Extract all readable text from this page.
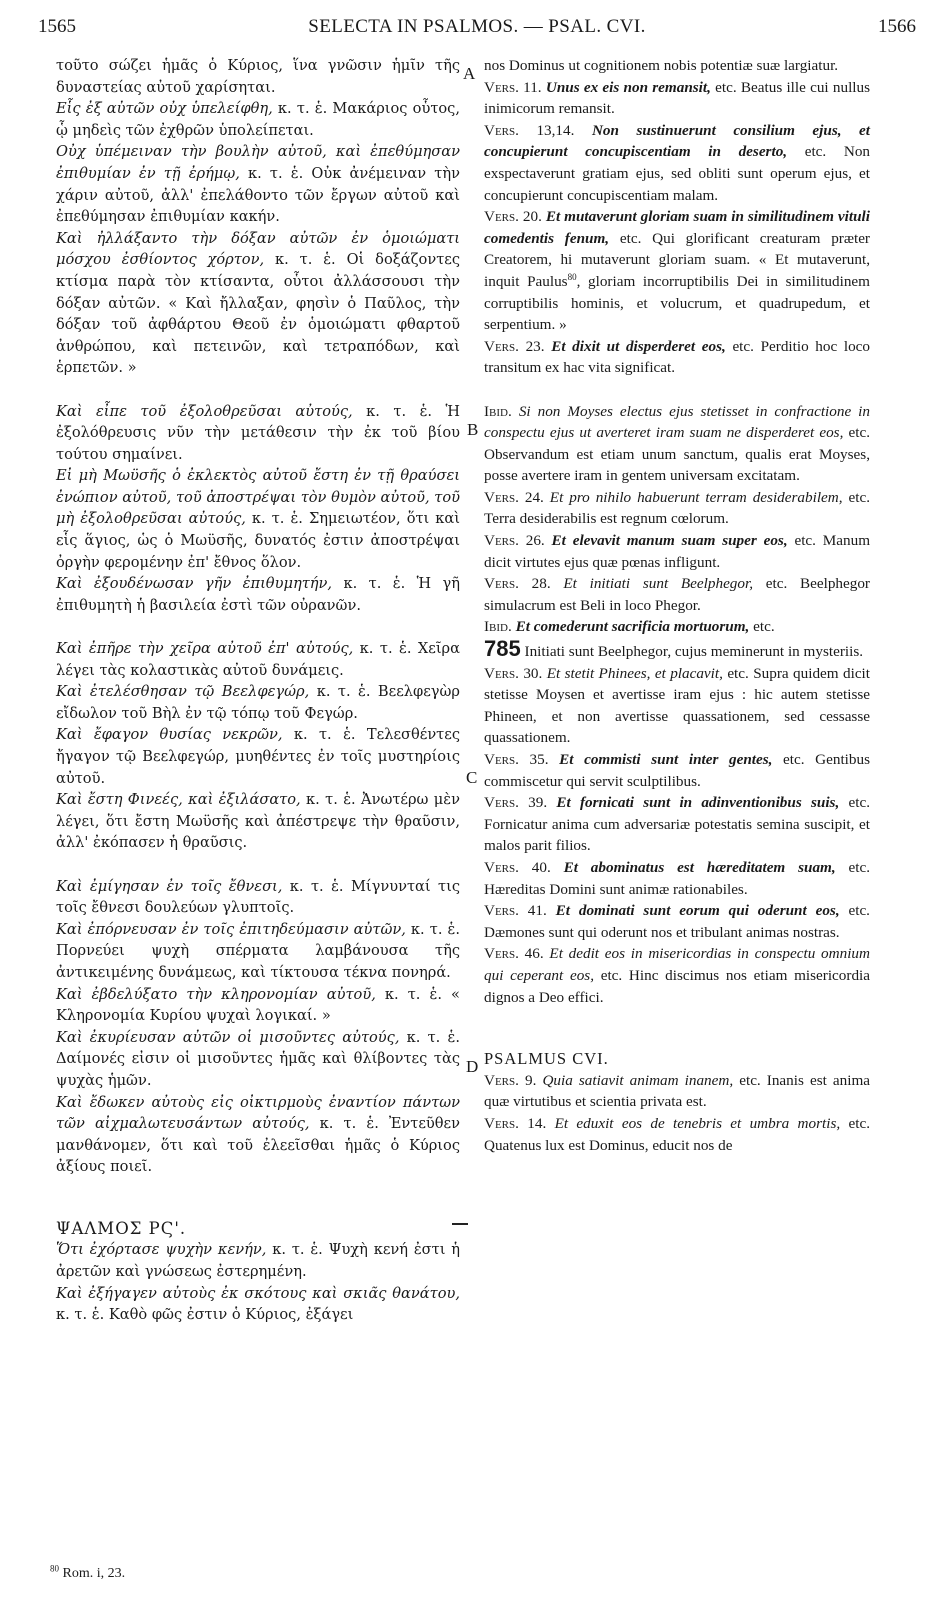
1565	SELECTA IN PSALMOS. — PSAL. CVI.	1566
A
B
C
D

τοῦτο σώζει ἡμᾶς ὁ Κύριος, ἵνα γνῶσιν ἡμῖν τῆς δυναστείας αὐτοῦ χαρίσηται.

Εἷς ἐξ αὐτῶν οὐχ ὑπελείφθη, κ. τ. ἑ. Μακάριος οὗτος, ᾧ μηδεὶς τῶν ἐχθρῶν ὑπολείπεται.

Οὐχ ὑπέμειναν τὴν βουλὴν αὐτοῦ, καὶ ἐπεθύμησαν ἐπιθυμίαν ἐν τῇ ἐρήμῳ, κ. τ. ἑ. Οὐκ ἀνέμειναν τὴν χάριν αὐτοῦ, ἀλλ' ἐπελάθοντο τῶν ἔργων αὐτοῦ καὶ ἐπεθύμησαν ἐπιθυμίαν κακήν.

Καὶ ἠλλάξαντο τὴν δόξαν αὐτῶν ἐν ὁμοιώματι μόσχου ἐσθίοντος χόρτον, κ. τ. ἑ. Οἱ δοξάζοντες κτίσμα παρὰ τὸν κτίσαντα, οὗτοι ἀλλάσσουσι τὴν δόξαν αὐτῶν. « Καὶ ἤλλαξαν, φησὶν ὁ Παῦλος, τὴν δόξαν τοῦ ἀφθάρτου Θεοῦ ἐν ὁμοιώματι φθαρτοῦ ἀνθρώπου, καὶ πετεινῶν, καὶ τετραπόδων, καὶ ἑρπετῶν. »

Καὶ εἶπε τοῦ ἐξολοθρεῦσαι αὐτούς, κ. τ. ἑ. Ἡ ἐξολόθρευσις νῦν τὴν μετάθεσιν τὴν ἐκ τοῦ βίου τούτου σημαίνει.

Εἰ μὴ Μωϋσῆς ὁ ἐκλεκτὸς αὐτοῦ ἔστη ἐν τῇ θραύσει ἐνώπιον αὐτοῦ, τοῦ ἀποστρέψαι τὸν θυμὸν αὐτοῦ, τοῦ μὴ ἐξολοθρεῦσαι αὐτούς, κ. τ. ἑ. Σημειωτέον, ὅτι καὶ εἷς ἅγιος, ὡς ὁ Μωϋσῆς, δυνατός ἐστιν ἀποστρέψαι ὀργὴν φερομένην ἐπ' ἔθνος ὅλον.

Καὶ ἐξουδένωσαν γῆν ἐπιθυμητήν, κ. τ. ἑ. Ἡ γῆ ἐπιθυμητὴ ἡ βασιλεία ἐστὶ τῶν οὐρανῶν.

Καὶ ἐπῆρε τὴν χεῖρα αὐτοῦ ἐπ' αὐτούς, κ. τ. ἑ. Χεῖρα λέγει τὰς κολαστικὰς αὐτοῦ δυνάμεις.

Καὶ ἐτελέσθησαν τῷ Βεελφεγώρ, κ. τ. ἑ. Βεελφεγὼρ εἴδωλον τοῦ Βὴλ ἐν τῷ τόπῳ τοῦ Φεγώρ.

Καὶ ἔφαγον θυσίας νεκρῶν, κ. τ. ἑ. Τελεσθέντες ἤγαγον τῷ Βεελφεγώρ, μυηθέντες ἐν τοῖς μυστηρίοις αὐτοῦ.

Καὶ ἔστη Φινεές, καὶ ἐξιλάσατο, κ. τ. ἑ. Ἀνωτέρω μὲν λέγει, ὅτι ἔστη Μωϋσῆς καὶ ἀπέστρεψε τὴν θραῦσιν, ἀλλ' ἐκόπασεν ἡ θραῦσις.

Καὶ ἐμίγησαν ἐν τοῖς ἔθνεσι, κ. τ. ἑ. Μίγνυνταί τις τοῖς ἔθνεσι δουλεύων γλυπτοῖς.

Καὶ ἐπόρνευσαν ἐν τοῖς ἐπιτηδεύμασιν αὐτῶν, κ. τ. ἑ. Πορνεύει ψυχὴ σπέρματα λαμβάνουσα τῆς ἀντικειμένης δυνάμεως, καὶ τίκτουσα τέκνα πονηρά.

Καὶ ἐβδελύξατο τὴν κληρονομίαν αὐτοῦ, κ. τ. ἑ. « Κληρονομία Κυρίου ψυχαὶ λογικαί. »

Καὶ ἐκυρίευσαν αὐτῶν οἱ μισοῦντες αὐτούς, κ. τ. ἑ. Δαίμονές εἰσιν οἱ μισοῦντες ἡμᾶς καὶ θλίβοντες τὰς ψυχὰς ἡμῶν.

Καὶ ἔδωκεν αὐτοὺς εἰς οἰκτιρμοὺς ἐναντίον πάντων τῶν αἰχμαλωτευσάντων αὐτούς, κ. τ. ἑ. Ἐντεῦθεν μανθάνομεν, ὅτι καὶ τοῦ ἐλεεῖσθαι ἡμᾶς ὁ Κύριος ἀξίους ποιεῖ.

ΨΑΛΜΟΣ ΡϚ'.

Ὅτι ἐχόρτασε ψυχὴν κενήν, κ. τ. ἑ. Ψυχὴ κενή ἐστι ἡ ἀρετῶν καὶ γνώσεως ἐστερημένη.

Καὶ ἐξήγαγεν αὐτοὺς ἐκ σκότους καὶ σκιᾶς θανάτου, κ. τ. ἑ. Καθὸ φῶς ἐστιν ὁ Κύριος, ἐξάγει

nos Dominus ut cognitionem nobis potentiæ suæ largiatur.

Vers. 11. Unus ex eis non remansit, etc. Beatus ille cui nullus inimicorum remansit.

Vers. 13,14. Non sustinuerunt consilium ejus, et concupierunt concupiscentiam in deserto, etc. Non exspectaverunt gratiam ejus, sed obliti sunt operum ejus, et concupierunt concupiscentiam malam.

Vers. 20. Et mutaverunt gloriam suam in similitudinem vituli comedentis fenum, etc. Qui glorificant creaturam præter Creatorem, hi mutaverunt gloriam suam. « Et mutaverunt, inquit Paulus$^{80}$, gloriam incorruptibilis Dei in similitudinem corruptibilis hominis, et volucrum, et quadrupedum, et serpentium. »

Vers. 23. Et dixit ut disperderet eos, etc. Perditio hoc loco transitum ex hac vita significat.

Ibid. Si non Moyses electus ejus stetisset in confractione in conspectu ejus ut averteret iram suam ne disperderet eos, etc. Observandum est etiam unum sanctum, qualis erat Moyses, posse avertere iram in gentem universam excitatam.

Vers. 24. Et pro nihilo habuerunt terram desiderabilem, etc. Terra desiderabilis est regnum cœlorum.

Vers. 26. Et elevavit manum suam super eos, etc. Manum dicit virtutes ejus quæ pœnas infligunt.

Vers. 28. Et initiati sunt Beelphegor, etc. Beelphegor simulacrum est Beli in loco Phegor.

Ibid. Et comederunt sacrificia mortuorum, etc.
785 Initiati sunt Beelphegor, cujus meminerunt in mysteriis.

Vers. 30. Et stetit Phinees, et placavit, etc. Supra quidem dicit stetisse Moysen et avertisse iram ejus : hic autem stetisse Phineen, et non avertisse quassationem, sed cessasse quassationem.

Vers. 35. Et commisti sunt inter gentes, etc. Gentibus commiscetur qui servit sculptilibus.

Vers. 39. Et fornicati sunt in adinventionibus suis, etc. Fornicatur anima cum adversariæ potestatis semina suscipit, et malos parit filios.

Vers. 40. Et abominatus est hæreditatem suam, etc. Hæreditas Domini sunt animæ rationabiles.

Vers. 41. Et dominati sunt eorum qui oderunt eos, etc. Dæmones sunt qui oderunt nos et tribulant animas nostras.

Vers. 46. Et dedit eos in misericordias in conspectu omnium qui ceperant eos, etc. Hinc discimus nos etiam misericordia dignos a Deo effici.

PSALMUS CVI.

Vers. 9. Quia satiavit animam inanem, etc. Inanis est anima quæ virtutibus et scientia privata est.

Vers. 14. Et eduxit eos de tenebris et umbra mortis, etc. Quatenus lux est Dominus, educit nos de

$^{80}$ Rom. i, 23.
